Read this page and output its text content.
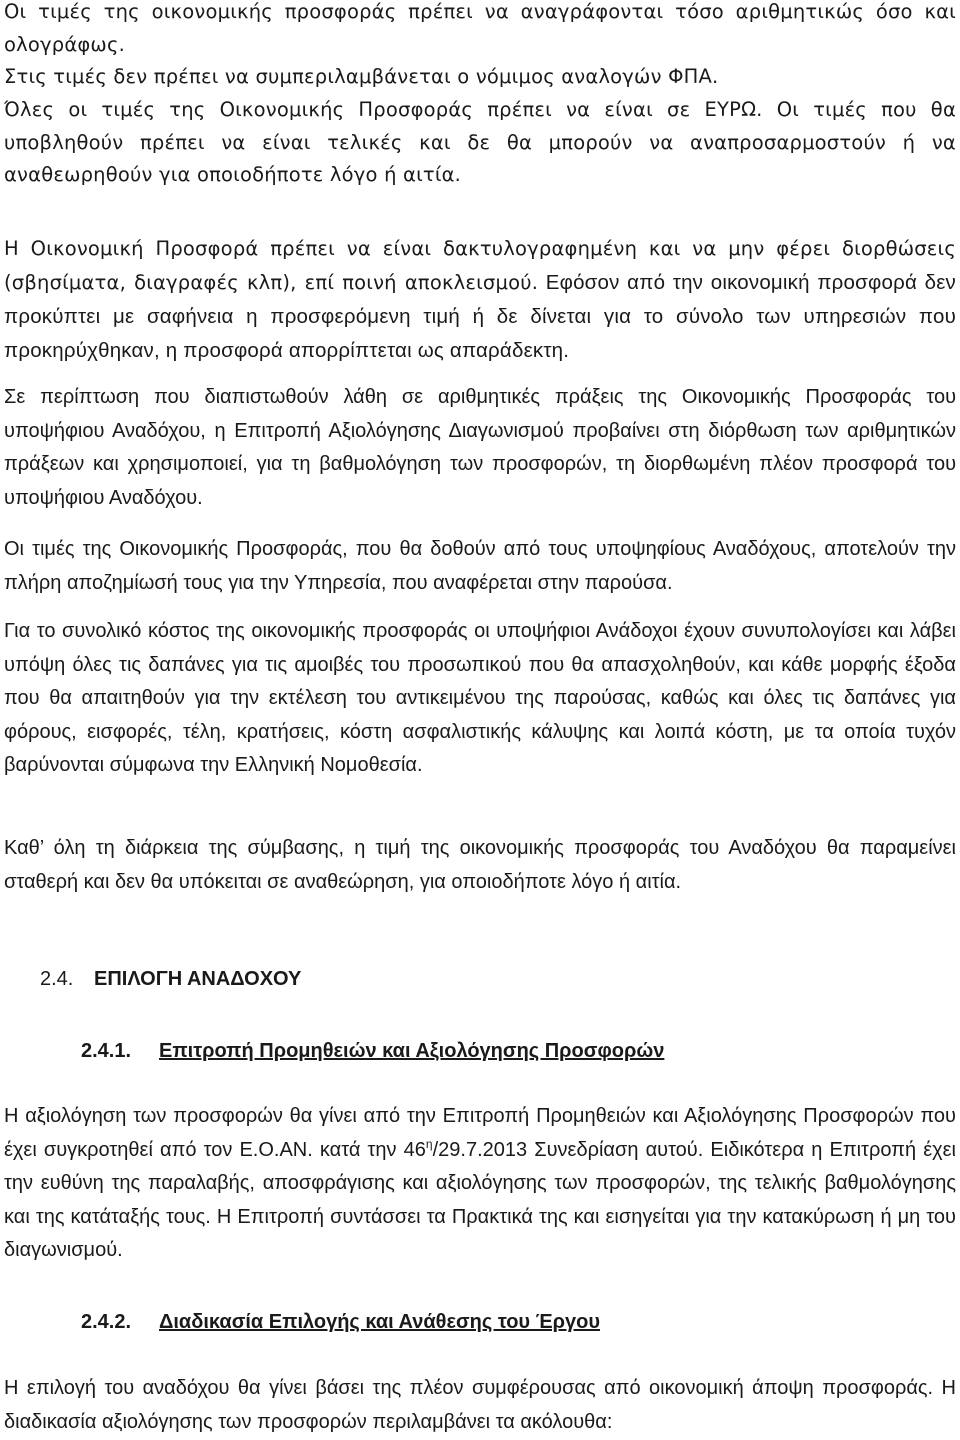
Οι τιμές της οικονομικής προσφοράς πρέπει να αναγράφονται τόσο αριθμητικώς όσο και ολογράφως.

Στις τιμές δεν πρέπει να συμπεριλαμβάνεται ο νόμιμος αναλογών ΦΠΑ.

Όλες οι τιμές της Οικονομικής Προσφοράς πρέπει να είναι σε ΕΥΡΩ. Οι τιμές που θα υποβληθούν πρέπει να είναι τελικές και δε θα μπορούν να αναπροσαρμοστούν ή να αναθεωρηθούν για οποιοδήποτε λόγο ή αιτία.

Η Οικονομική Προσφορά πρέπει να είναι δακτυλογραφημένη και να μην φέρει διορθώσεις (σβησίματα, διαγραφές κλπ), επί ποινή αποκλεισμού. Εφόσον από την οικονομική προσφορά δεν προκύπτει με σαφήνεια η προσφερόμενη τιμή ή δε δίνεται για το σύνολο των υπηρεσιών που προκηρύχθηκαν, η προσφορά απορρίπτεται ως απαράδεκτη.

Σε περίπτωση που διαπιστωθούν λάθη σε αριθμητικές πράξεις της Οικονομικής Προσφοράς του υποψήφιου Αναδόχου, η Επιτροπή Αξιολόγησης Διαγωνισμού προβαίνει στη διόρθωση των αριθμητικών πράξεων και χρησιμοποιεί, για τη βαθμολόγηση των προσφορών, τη διορθωμένη πλέον προσφορά του υποψήφιου Αναδόχου.

Οι τιμές της Οικονομικής Προσφοράς, που θα δοθούν από τους υποψηφίους Αναδόχους, αποτελούν την πλήρη αποζημίωσή τους για την Υπηρεσία, που αναφέρεται στην παρούσα.

Για το συνολικό κόστος της οικονομικής προσφοράς οι υποψήφιοι Ανάδοχοι έχουν συνυπολογίσει και λάβει υπόψη όλες τις δαπάνες για τις αμοιβές του προσωπικού που θα απασχοληθούν, και κάθε μορφής έξοδα που θα απαιτηθούν για την εκτέλεση του αντικειμένου της παρούσας, καθώς και όλες τις δαπάνες για φόρους, εισφορές, τέλη, κρατήσεις, κόστη ασφαλιστικής κάλυψης και λοιπά κόστη, με τα οποία τυχόν βαρύνονται σύμφωνα την Ελληνική Νομοθεσία.

Καθ’ όλη τη διάρκεια της σύμβασης, η τιμή της οικονομικής προσφοράς του Αναδόχου θα παραμείνει σταθερή και δεν θα υπόκειται σε αναθεώρηση, για οποιοδήποτε λόγο ή αιτία.

2.4. ΕΠΙΛΟΓΗ ΑΝΑΔΟΧΟΥ
2.4.1. Επιτροπή Προμηθειών και Αξιολόγησης Προσφορών

Η αξιολόγηση των προσφορών θα γίνει από την Επιτροπή Προμηθειών και Αξιολόγησης Προσφορών που έχει συγκροτηθεί από τον Ε.Ο.ΑΝ. κατά την $46^\eta/29.7.2013$ Συνεδρίαση αυτού. Ειδικότερα η Επιτροπή έχει την ευθύνη της παραλαβής, αποσφράγισης και αξιολόγησης των προσφορών, της τελικής βαθμολόγησης και της κατάταξής τους. Η Επιτροπή συντάσσει τα Πρακτικά της και εισηγείται για την κατακύρωση ή μη του διαγωνισμού.

2.4.2. Διαδικασία Επιλογής και Ανάθεσης του Έργου

Η επιλογή του αναδόχου θα γίνει βάσει της πλέον συμφέρουσας από οικονομική άποψη προσφοράς. Η διαδικασία αξιολόγησης των προσφορών περιλαμβάνει τα ακόλουθα:
